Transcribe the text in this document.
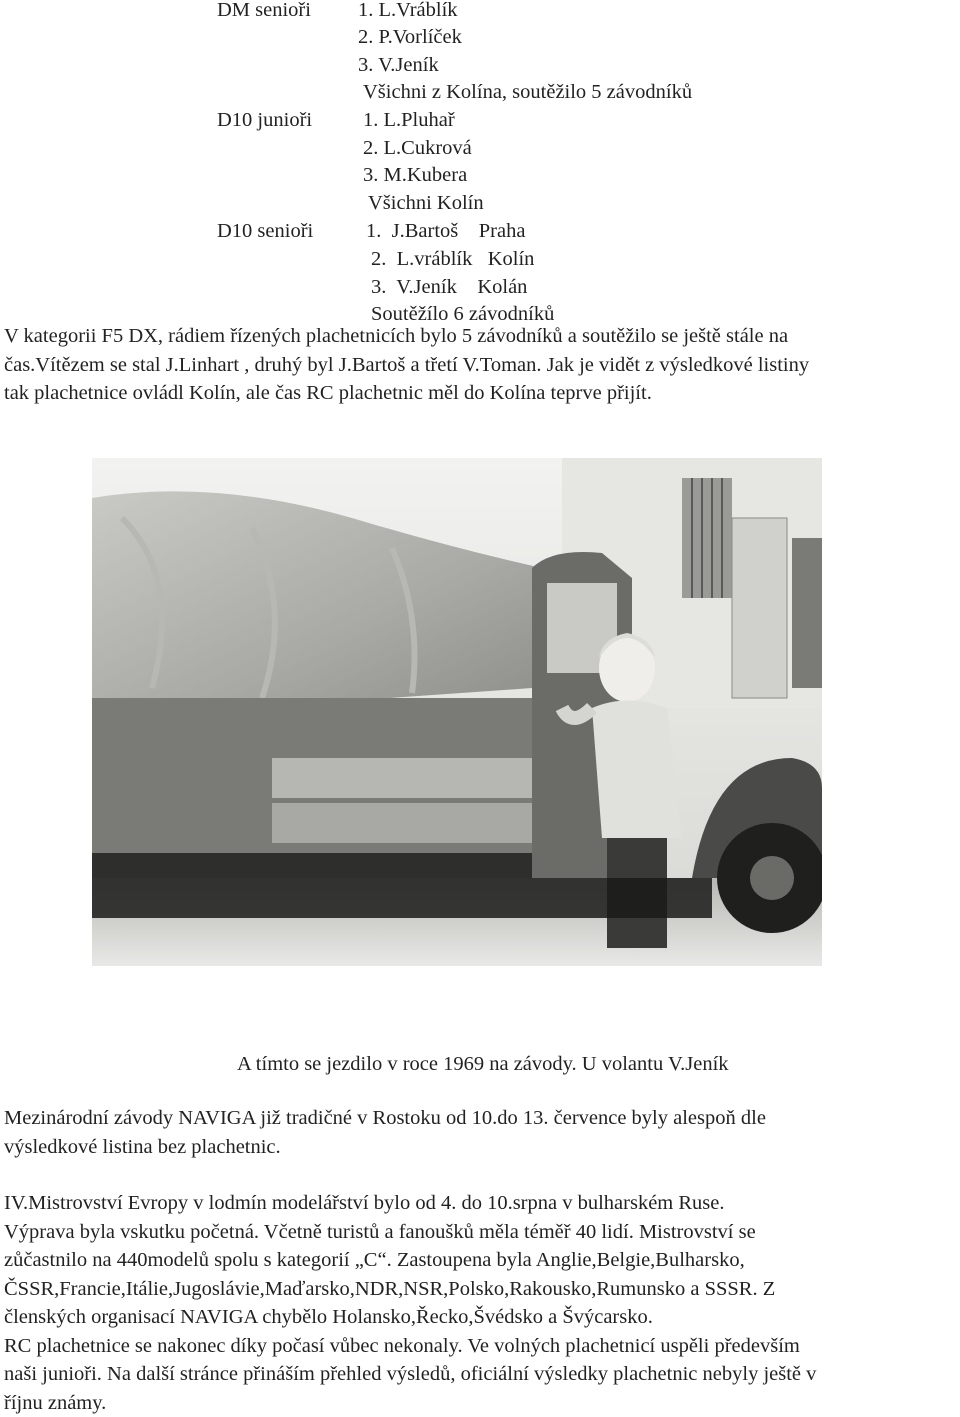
DM senioři 1. L.Vráblík
2. P.Vorlíček
3. V.Jeník
Všichni z Kolína, soutěžilo 5 závodníků
D10 junioři 1. L.Pluhař
2. L.Cukrová
3. M.Kubera
Všichni Kolín
D10 senioři	1.  J.Bartoš    Praha
2.  L.vráblík   Kolín
3.  V.Jeník    Kolán
Soutěžílo 6 závodníků
V kategorii F5 DX, rádiem řízených plachetnicích bylo 5 závodníků a soutěžilo se ještě stále na
čas.Vítězem se stal J.Linhart , druhý byl J.Bartoš a třetí V.Toman. Jak je vidět z výsledkové listiny
tak plachetnice ovládl Kolín, ale čas RC plachetnic měl do Kolína teprve přijít.
A tímto se jezdilo v roce 1969 na závody. U volantu V.Jeník
Mezinárodní závody NAVIGA již tradičné v Rostoku od 10.do 13. července byly alespoň dle
výsledkové listina bez plachetnic.
IV.Mistrovství Evropy v lodmín modelářství bylo od 4. do 10.srpna v bulharském Ruse.
Výprava byla vskutku početná. Včetně turistů a fanoušků měla téměř 40 lidí. Mistrovství se
zůčastnilo na 440modelů spolu s kategorií „C“. Zastoupena byla Anglie,Belgie,Bulharsko,
ČSSR,Francie,Itálie,Jugoslávie,Maďarsko,NDR,NSR,Polsko,Rakousko,Rumunsko a SSSR. Z
členských organisací NAVIGA chybělo Holansko,Řecko,Švédsko a Švýcarsko.
RC plachetnice se nakonec díky počasí vůbec nekonaly. Ve volných plachetnicí uspěli především
naši junioři. Na další stránce přináším přehled výsledů, oficiální výsledky plachetnic nebyly ještě v
říjnu známy.
